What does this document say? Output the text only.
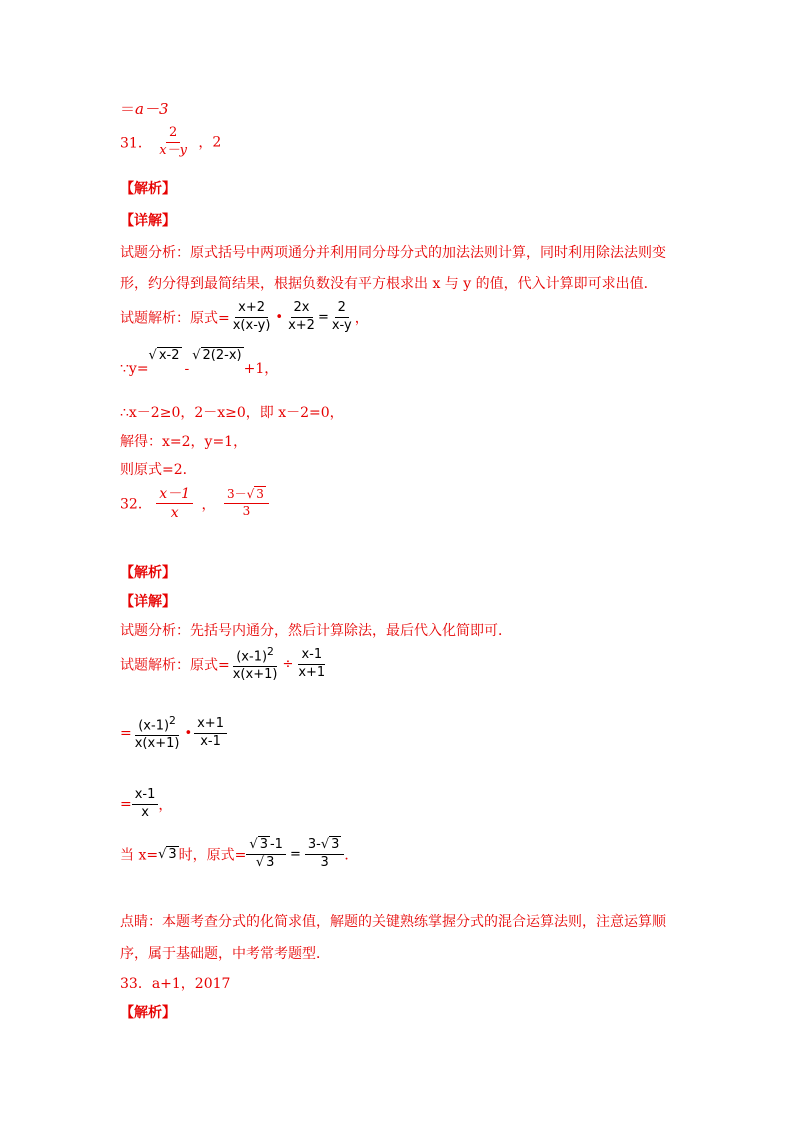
＝a－3
31． $\frac{2}{x-y}$ ，2
【解析】
【详解】
试题分析：原式括号中两项通分并利用同分母分式的加法法则计算，同时利用除法法则变
形，约分得到最简结果，根据负数没有平方根求出 x 与 y 的值，代入计算即可求出值．
试题解析：原式= $\frac{x+2}{x(x-y)}$ • $\frac{2x}{x+2} = \frac{2}{x-y}$ ，
∵y=√ x-2-√ 2(2-x)+1，
∴x－2≥0，2－x≥0，即 x－2=0，
解得：x=2，y=1，
则原式=2．
32． $\frac{x-1}{x}$ ， $\frac{3-√ 3}{3}$
【解析】
【详解】
试题分析：先括号内通分，然后计算除法，最后代入化简即可．
试题解析：原式= $\frac{(x-1)^2}{x(x+1)} \div \frac{x-1}{x+1}$
= $\frac{(x-1)^2}{x(x+1)}$ • $\frac{x+1}{x-1}$
= $\frac{x-1}{x}$ ，
当 x=√ 3 时，原式= $\frac{√ 3 -1}{√ 3} = \frac{3-√ 3}{3}$ ．
点睛：本题考查分式的化简求值，解题的关键熟练掌握分式的混合运算法则，注意运算顺
序，属于基础题，中考常考题型．
33．a+1，2017
【解析】
